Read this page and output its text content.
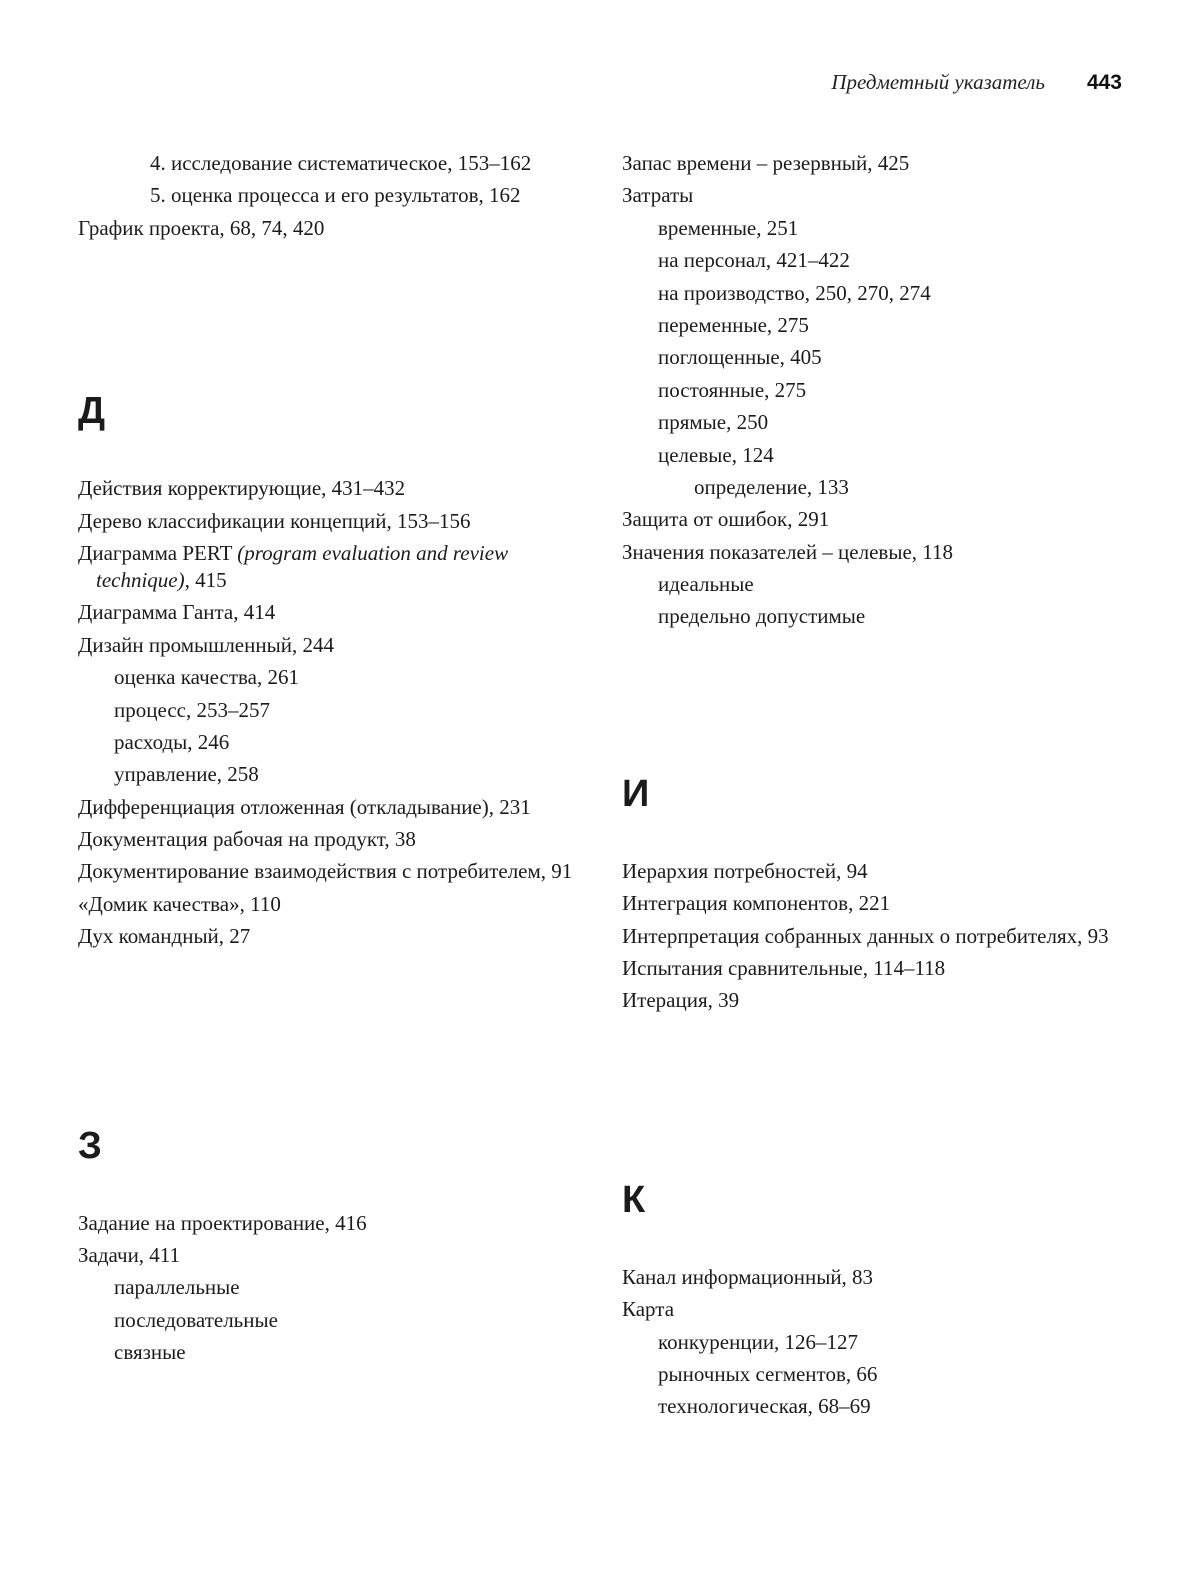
Предметный указатель 443

4. исследование систематическое, 153–162

5. оценка процесса и его результатов, 162

График проекта, 68, 74, 420

Д

Действия корректирующие, 431–432

Дерево классификации концепций, 153–156

Диаграмма PERT (program evaluation and review technique), 415

Диаграмма Ганта, 414

Дизайн промышленный, 244

оценка качества, 261

процесс, 253–257

расходы, 246

управление, 258

Дифференциация отложенная (откладывание), 231

Документация рабочая на продукт, 38

Документирование взаимодействия с потребителем, 91

«Домик качества», 110

Дух командный, 27

З

Задание на проектирование, 416

Задачи, 411

параллельные

последовательные

связные

Запас времени – резервный, 425

Затраты

временные, 251

на персонал, 421–422

на производство, 250, 270, 274

переменные, 275

поглощенные, 405

постоянные, 275

прямые, 250

целевые, 124

определение, 133

Защита от ошибок, 291

Значения показателей – целевые, 118

идеальные

предельно допустимые

И

Иерархия потребностей, 94

Интеграция компонентов, 221

Интерпретация собранных данных о потребителях, 93

Испытания сравнительные, 114–118

Итерация, 39

К

Канал информационный, 83

Карта

конкуренции, 126–127

рыночных сегментов, 66

технологическая, 68–69
